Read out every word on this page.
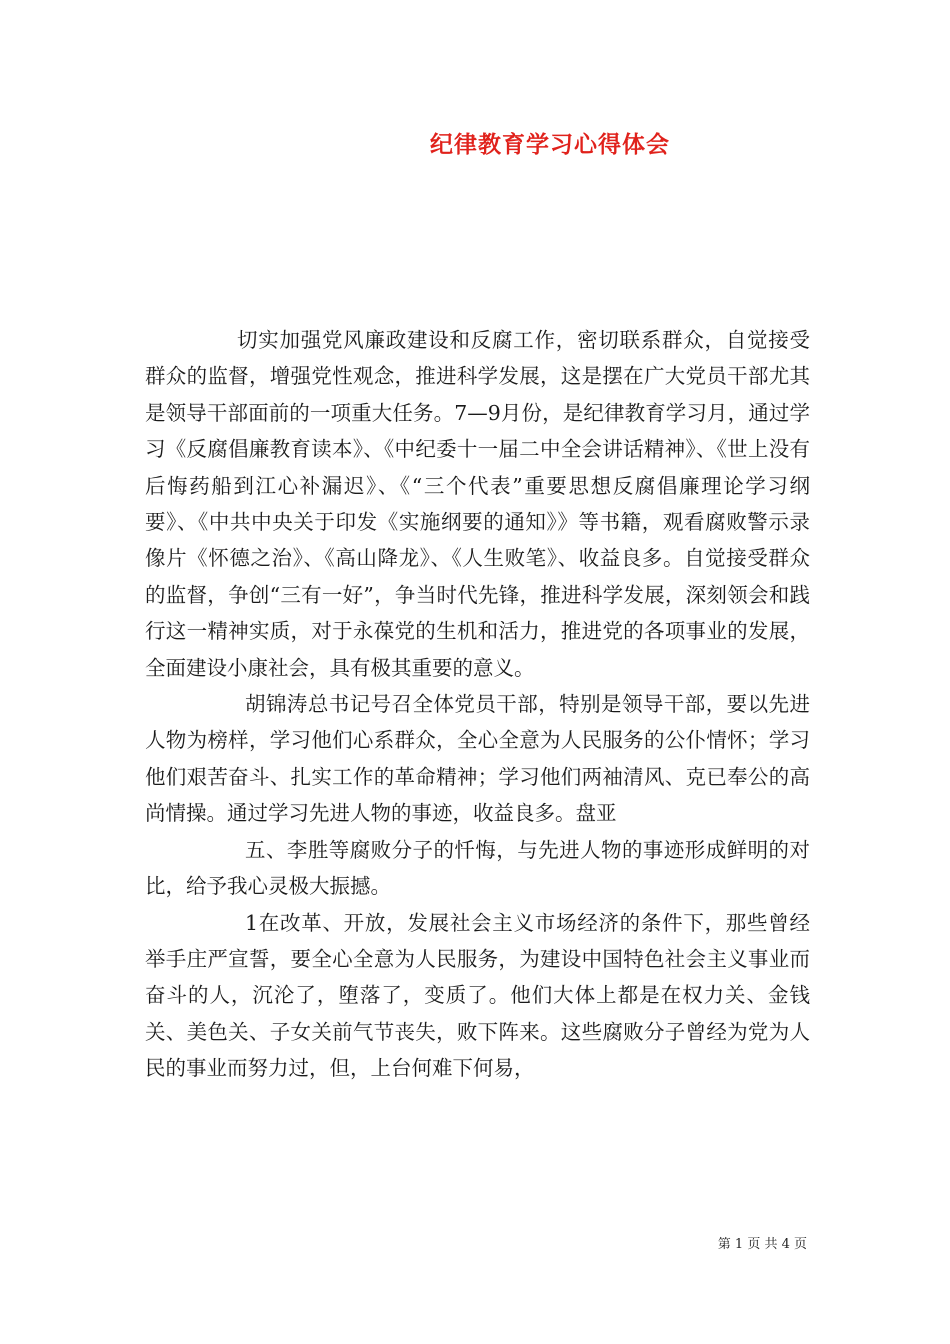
纪律教育学习心得体会

切实加强党风廉政建设和反腐工作，密切联系群众，自觉接受群众的监督，增强党性观念，推进科学发展，这是摆在广大党员干部尤其是领导干部面前的一项重大任务。7—9月份，是纪律教育学习月，通过学习《反腐倡廉教育读本》、《中纪委十一届二中全会讲话精神》、《世上没有后悔药船到江心补漏迟》、《“三个代表”重要思想反腐倡廉理论学习纲要》、《中共中央关于印发《实施纲要的通知》》等书籍，观看腐败警示录像片《怀德之治》、《高山降龙》、《人生败笔》、收益良多。自觉接受群众的监督，争创“三有一好”，争当时代先锋，推进科学发展，深刻领会和践行这一精神实质，对于永葆党的生机和活力，推进党的各项事业的发展，全面建设小康社会，具有极其重要的意义。

胡锦涛总书记号召全体党员干部，特别是领导干部，要以先进人物为榜样，学习他们心系群众，全心全意为人民服务的公仆情怀；学习他们艰苦奋斗、扎实工作的革命精神；学习他们两袖清风、克已奉公的高尚情操。通过学习先进人物的事迹，收益良多。盘亚

五、李胜等腐败分子的忏悔，与先进人物的事迹形成鲜明的对比，给予我心灵极大振撼。

1在改革、开放，发展社会主义市场经济的条件下，那些曾经举手庄严宣誓，要全心全意为人民服务，为建设中国特色社会主义事业而奋斗的人，沉沦了，堕落了，变质了。他们大体上都是在权力关、金钱关、美色关、子女关前气节丧失，败下阵来。这些腐败分子曾经为党为人民的事业而努力过，但，上台何难下何易，

第 1 页 共 4 页
